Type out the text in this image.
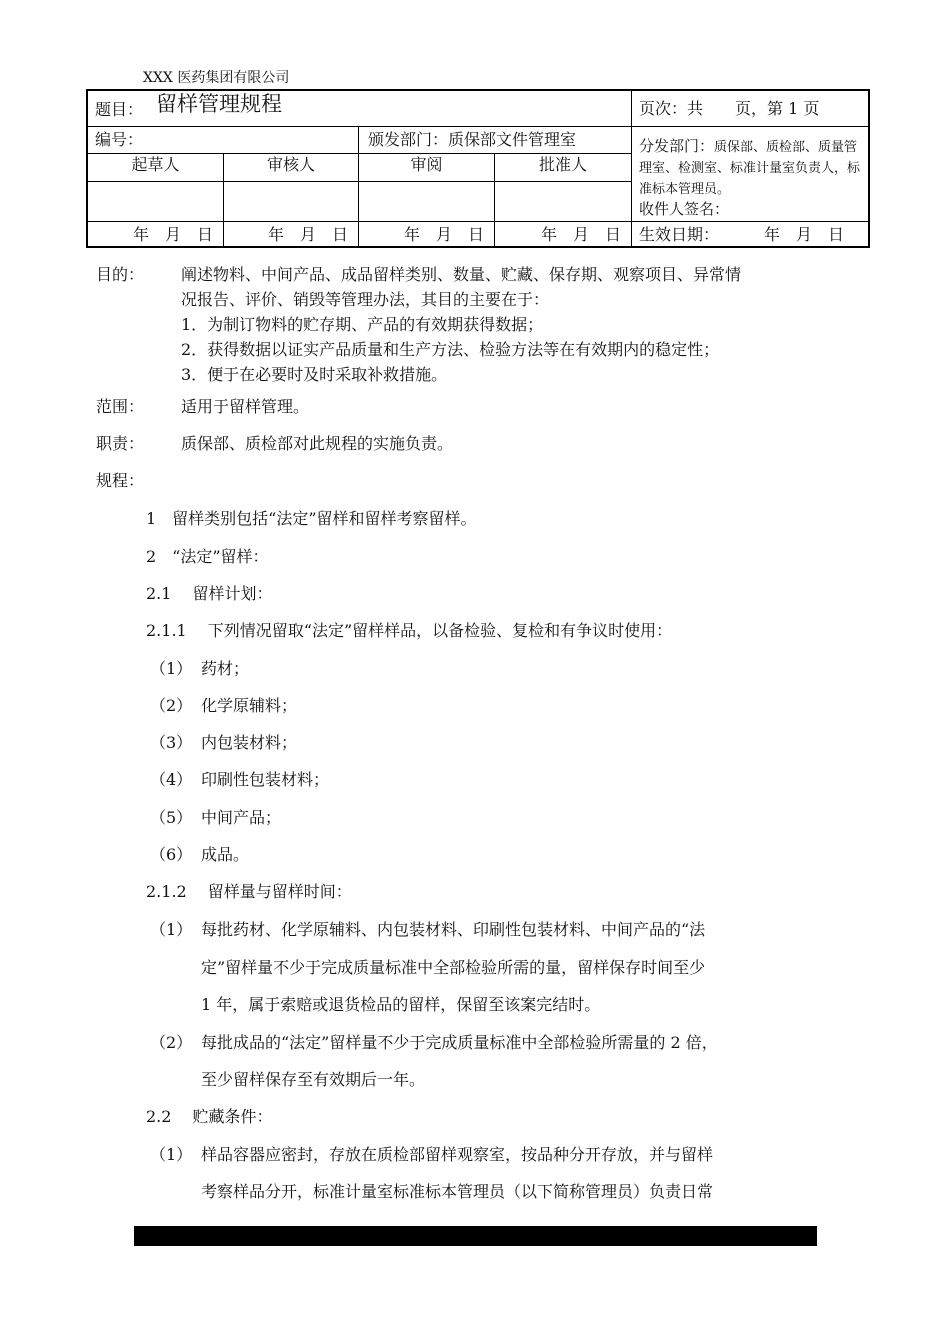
XXX 医药集团有限公司
题目： 留样管理规程	页次：共　　页，第 1 页
编号：	颁发部门：质保部文件管理室	分发部门：质保部、质检部、质量管理室、检测室、标准计量室负责人，标准标本管理员。
收件人签名：
起草人	审核人	审阅	批准人
年　月　日	年　月　日	年　月　日	年　月　日	生效日期：	年　月　日
目的： 阐述物料、中间产品、成品留样类别、数量、贮藏、保存期、观察项目、异常情
况报告、评价、销毁等管理办法，其目的主要在于：
1．为制订物料的贮存期、产品的有效期获得数据；
2．获得数据以证实产品质量和生产方法、检验方法等在有效期内的稳定性；
3．便于在必要时及时采取补救措施。
范围： 适用于留样管理。
职责： 质保部、质检部对此规程的实施负责。
规程：
1　留样类别包括“法定”留样和留样考察留样。
2　“法定”留样：
2.1　 留样计划：
2.1.1　 下列情况留取“法定”留样样品，以备检验、复检和有争议时使用：
（1） 药材；
（2） 化学原辅料；
（3） 内包装材料；
（4） 印刷性包装材料；
（5） 中间产品；
（6） 成品。
2.1.2　 留样量与留样时间：
（1） 每批药材、化学原辅料、内包装材料、印刷性包装材料、中间产品的“法
定”留样量不少于完成质量标准中全部检验所需的量，留样保存时间至少
1 年，属于索赔或退货检品的留样，保留至该案完结时。
（2） 每批成品的“法定”留样量不少于完成质量标准中全部检验所需量的 2 倍，
至少留样保存至有效期后一年。
2.2　 贮藏条件：
（1） 样品容器应密封，存放在质检部留样观察室，按品种分开存放，并与留样
考察样品分开，标准计量室标准标本管理员（以下简称管理员）负责日常
